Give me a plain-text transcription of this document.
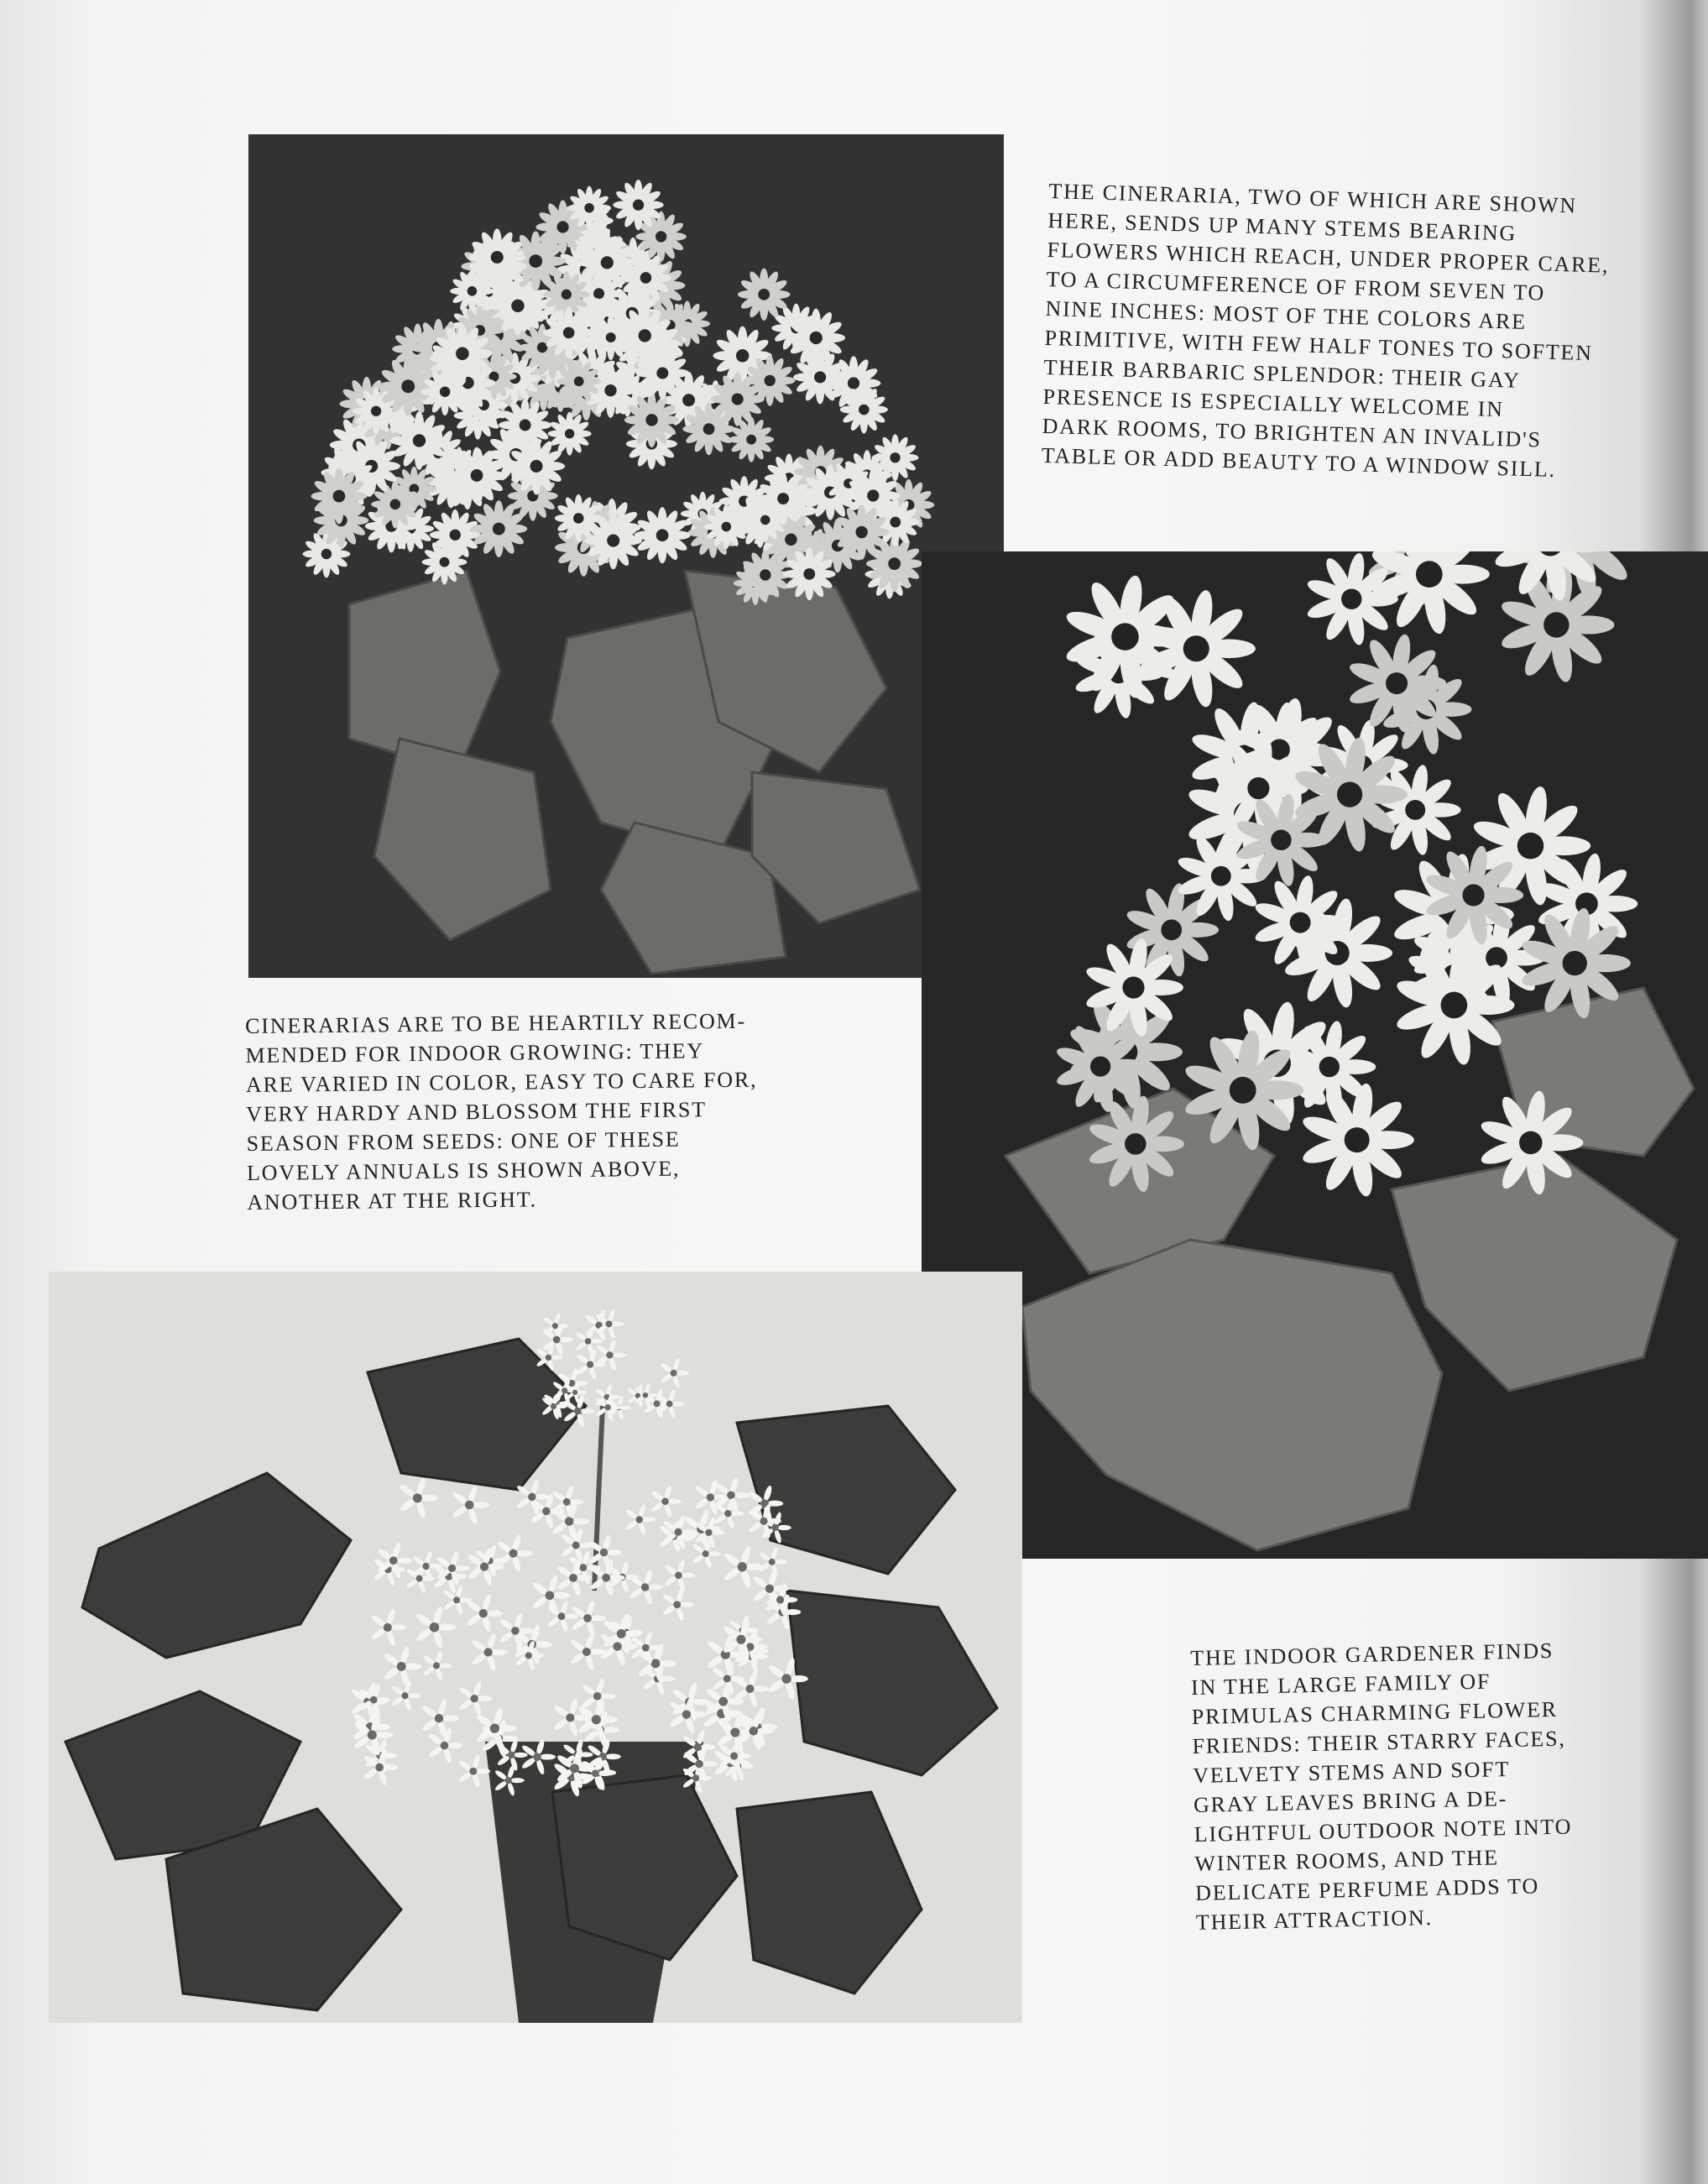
THE CINERARIA, TWO OF WHICH ARE SHOWN
HERE, SENDS UP MANY STEMS BEARING
FLOWERS WHICH REACH, UNDER PROPER CARE,
TO A CIRCUMFERENCE OF FROM SEVEN TO
NINE INCHES: MOST OF THE COLORS ARE
PRIMITIVE, WITH FEW HALF TONES TO SOFTEN
THEIR BARBARIC SPLENDOR: THEIR GAY
PRESENCE IS ESPECIALLY WELCOME IN
DARK ROOMS, TO BRIGHTEN AN INVALID'S
TABLE OR ADD BEAUTY TO A WINDOW SILL.

CINERARIAS ARE TO BE HEARTILY RECOM-
MENDED FOR INDOOR GROWING: THEY
ARE VARIED IN COLOR, EASY TO CARE FOR,
VERY HARDY AND BLOSSOM THE FIRST
SEASON FROM SEEDS: ONE OF THESE
LOVELY ANNUALS IS SHOWN ABOVE,
ANOTHER AT THE RIGHT.

THE INDOOR GARDENER FINDS
IN THE LARGE FAMILY OF
PRIMULAS CHARMING FLOWER
FRIENDS: THEIR STARRY FACES,
VELVETY STEMS AND SOFT
GRAY LEAVES BRING A DE-
LIGHTFUL OUTDOOR NOTE INTO
WINTER ROOMS, AND THE
DELICATE PERFUME ADDS TO
THEIR ATTRACTION.
